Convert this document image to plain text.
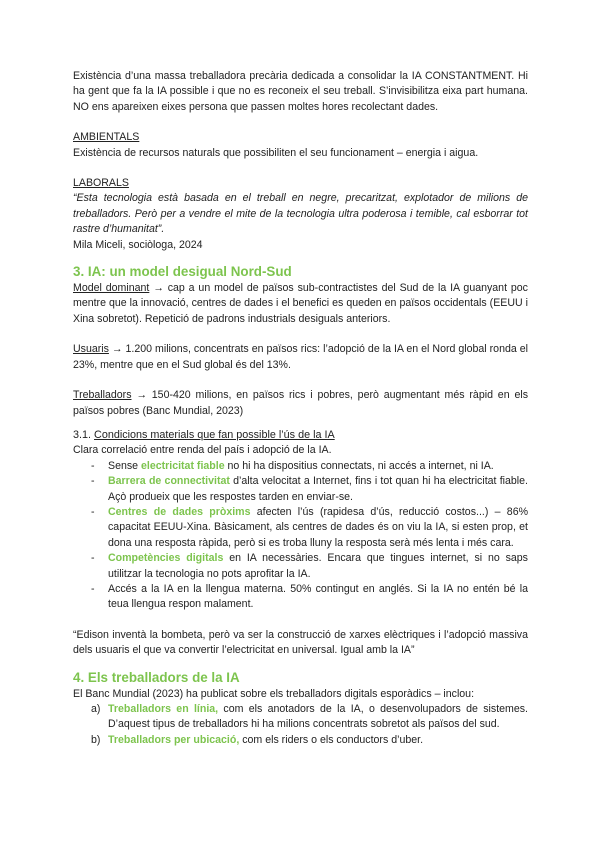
Existència d’una massa treballadora precària dedicada a consolidar la IA CONSTANTMENT. Hi ha gent que fa la IA possible i que no es reconeix el seu treball. S’invisibilitza eixa part humana. NO ens apareixen eixes persona que passen moltes hores recolectant dades.

AMBIENTALS

Existència de recursos naturals que possibiliten el seu funcionament – energia i aigua.

LABORALS

“Esta tecnologia està basada en el treball en negre, precaritzat, explotador de milions de treballadors. Però per a vendre el mite de la tecnologia ultra poderosa i temible, cal esborrar tot rastre d’humanitat”.

Mila Miceli, sociòloga, 2024

3. IA: un model desigual Nord-Sud

Model dominant → cap a un model de països sub-contractistes del Sud de la IA guanyant poc mentre que la innovació, centres de dades i el benefici es queden en països occidentals (EEUU i Xina sobretot). Repetició de padrons industrials desiguals anteriors.

Usuaris → 1.200 milions, concentrats en països rics: l’adopció de la IA en el Nord global ronda el 23%, mentre que en el Sud global és del 13%.

Treballadors → 150-420 milions, en països rics i pobres, però augmentant més ràpid en els països pobres (Banc Mundial, 2023)

3.1. Condicions materials que fan possible l’ús de la IA

Clara correlació entre renda del país i adopció de la IA.

- Sense electricitat fiable no hi ha dispositius connectats, ni accés a internet, ni IA.
- Barrera de connectivitat d’alta velocitat a Internet, fins i tot quan hi ha electricitat fiable. Açò produeix que les respostes tarden en enviar-se.
- Centres de dades pròxims afecten l’ús (rapidesa d’ús, reducció costos...) – 86% capacitat EEUU-Xina. Bàsicament, als centres de dades és on viu la IA, si esten prop, et dona una resposta ràpida, però si es troba lluny la resposta serà més lenta i més cara.
- Competències digitals en IA necessàries. Encara que tingues internet, si no saps utilitzar la tecnologia no pots aprofitar la IA.
- Accés a la IA en la llengua materna. 50% contingut en anglés. Si la IA no entén bé la teua llengua respon malament.

“Edison inventà la bombeta, però va ser la construcció de xarxes elèctriques i l’adopció massiva dels usuaris el que va convertir l’electricitat en universal. Igual amb la IA”

4. Els treballadors de la IA

El Banc Mundial (2023) ha publicat sobre els treballadors digitals esporàdics – inclou:

a) Treballadors en línia, com els anotadors de la IA, o desenvolupadors de sistemes. D’aquest tipus de treballadors hi ha milions concentrats sobretot als països del sud.
b) Treballadors per ubicació, com els riders o els conductors d’uber.
